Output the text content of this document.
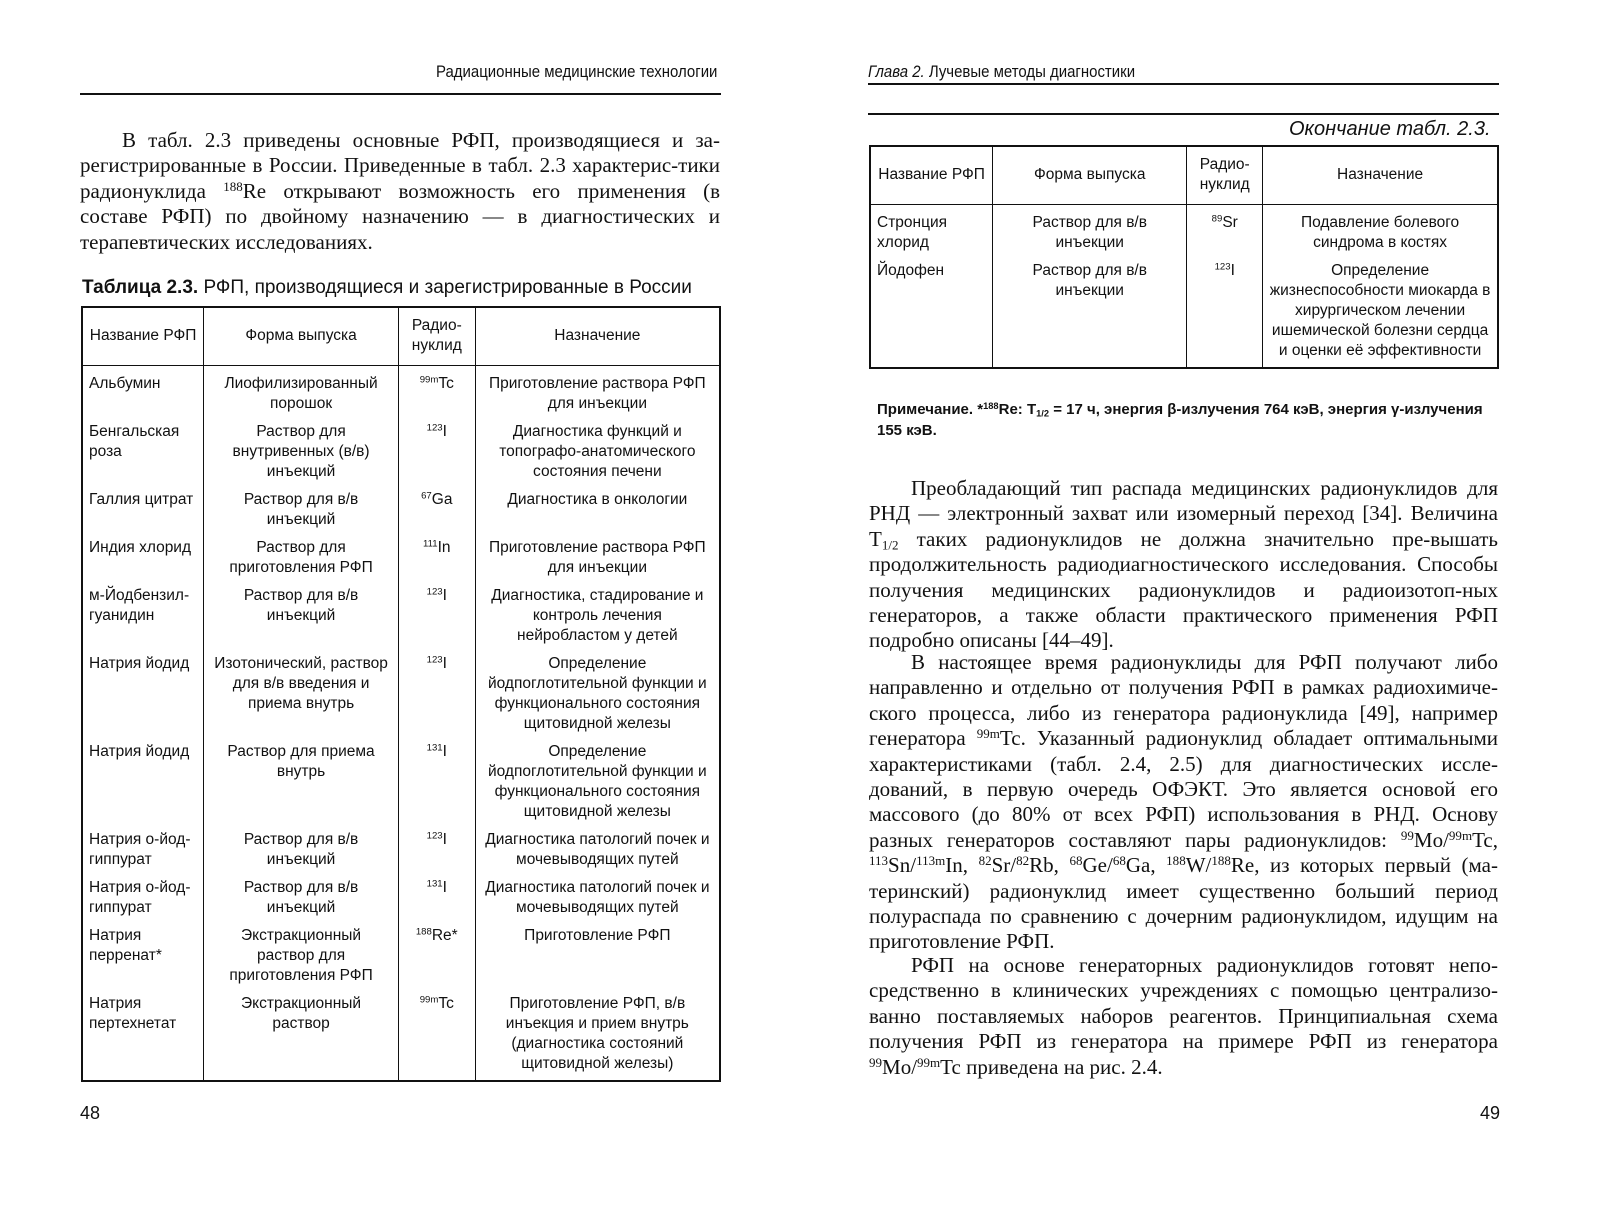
Радиационные медицинские технологии

В табл. 2.3 приведены основные РФП, производящиеся и за-регистрированные в России. Приведенные в табл. 2.3 характерис-тики радионуклида $^{188}$Re открывают возможность его применения (в составе РФП) по двойному назначению — в диагностических и терапевтических исследованиях.

Таблица 2.3. РФП, производящиеся и зарегистрированные в России
Название РФП	Форма выпуска	Радио-нуклид	Назначение
Альбумин	Лиофилизированный порошок	$^{99m}$Tc	Приготовление раствора РФП для инъекции
Бенгальская роза	Раствор для внутривенных (в/в) инъекций	$^{123}$I	Диагностика функций и топографо-анатомического состояния печени
Галлия цитрат	Раствор для в/в инъекций	$^{67}$Ga	Диагностика в онкологии
Индия хлорид	Раствор для приготовления РФП	$^{111}$In	Приготовление раствора РФП для инъекции
м-Йодбензил-гуанидин	Раствор для в/в инъекций	$^{123}$I	Диагностика, стадирование и контроль лечения нейробластом у детей
Натрия йодид	Изотонический, раствор для в/в введения и приема внутрь	$^{123}$I	Определение йодпоглотительной функции и функционального состояния щитовидной железы
Натрия йодид	Раствор для приема внутрь	$^{131}$I	Определение йодпоглотительной функции и функционального состояния щитовидной железы
Натрия о-йод-гиппурат	Раствор для в/в инъекций	$^{123}$I	Диагностика патологий почек и мочевыводящих путей
Натрия о-йод-гиппурат	Раствор для в/в инъекций	$^{131}$I	Диагностика патологий почек и мочевыводящих путей
Натрия перренат*	Экстракционный раствор для приготовления РФП	$^{188}$Re*	Приготовление РФП
Натрия пертехнетат	Экстракционный раствор	$^{99m}$Tc	Приготовление РФП, в/в инъекция и прием внутрь (диагностика состояний щитовидной железы)
48
Глава 2. Лучевые методы диагностики
Окончание табл. 2.3.
Название РФП	Форма выпуска	Радио-нуклид	Назначение
Стронция хлорид	Раствор для в/в инъекции	$^{89}$Sr	Подавление болевого синдрома в костях
Йодофен	Раствор для в/в инъекции	$^{123}$I	Определение жизнеспособности миокарда в хирургическом лечении ишемической болезни сердца и оценки её эффективности
Примечание. *$^{188}$Re: $T_{1/2} = 17$ ч, энергия β-излучения 764 кэВ, энергия γ-излучения 155 кэВ.

Преобладающий тип распада медицинских радионуклидов для РНД — электронный захват или изомерный переход [34]. Величина $T_{1/2}$ таких радионуклидов не должна значительно пре-вышать продолжительность радиодиагностического исследования. Способы получения медицинских радионуклидов и радиоизотоп-ных генераторов, а также области практического применения РФП подробно описаны [44–49].

В настоящее время радионуклиды для РФП получают либо направленно и отдельно от получения РФП в рамках радиохимиче-ского процесса, либо из генератора радионуклида [49], например генератора $^{99m}$Tc. Указанный радионуклид обладает оптимальными характеристиками (табл. 2.4, 2.5) для диагностических иссле-дований, в первую очередь ОФЭКТ. Это является основой его массового (до 80% от всех РФП) использования в РНД. Основу разных генераторов составляют пары радионуклидов: $^{99}$Mo/$^{99m}$Tc, $^{113}$Sn/$^{113m}$In, $^{82}$Sr/$^{82}$Rb, $^{68}$Ge/$^{68}$Ga, $^{188}$W/$^{188}$Re, из которых первый (ма-теринский) радионуклид имеет существенно больший период полураспада по сравнению с дочерним радионуклидом, идущим на приготовление РФП.

РФП на основе генераторных радионуклидов готовят непо-средственно в клинических учреждениях с помощью централизо-ванно поставляемых наборов реагентов. Принципиальная схема получения РФП из генератора на примере РФП из генератора $^{99}$Mo/$^{99m}$Tc приведена на рис. 2.4.

49
